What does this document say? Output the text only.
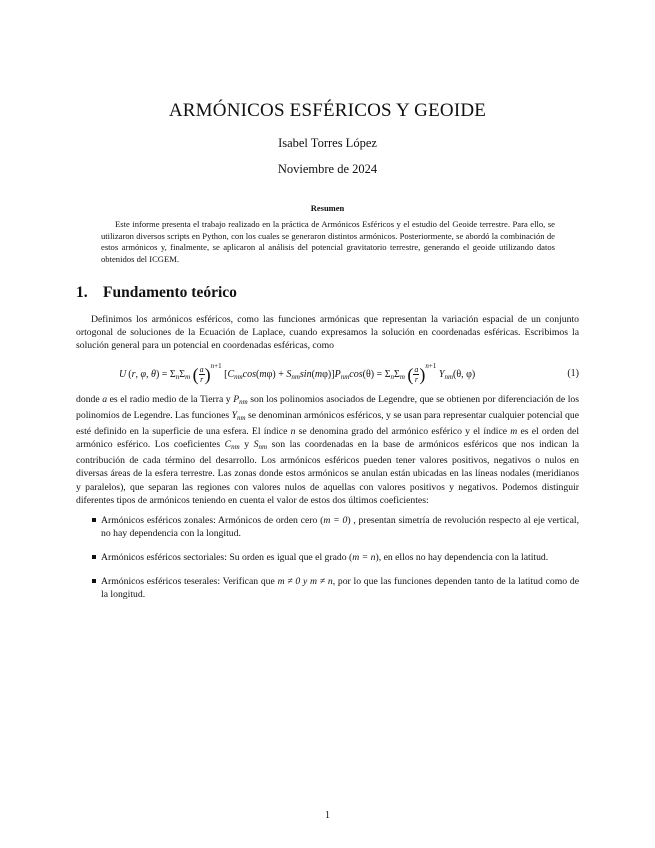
ARMÓNICOS ESFÉRICOS Y GEOIDE
Isabel Torres López
Noviembre de 2024
Resumen
Este informe presenta el trabajo realizado en la práctica de Armónicos Esféricos y el estudio del Geoide terrestre. Para ello, se utilizaron diversos scripts en Python, con los cuales se generaron distintos armónicos. Posteriormente, se abordó la combinación de estos armónicos y, finalmente, se aplicaron al análisis del potencial gravitatorio terrestre, generando el geoide utilizando datos obtenidos del ICGEM.
1. Fundamento teórico
Definimos los armónicos esféricos, como las funciones armónicas que representan la variación espacial de un conjunto ortogonal de soluciones de la Ecuación de Laplace, cuando expresamos la solución en coordenadas esféricas. Escribimos la solución general para un potencial en coordenadas esféricas, como
U (r, φ, $\theta) = \Sigma_n\Sigma_m$ ( $\frac{a}{r} )^{n+1}$ $[C_{nm}\cos(m\varphi) + S_{nm}\sin(m\varphi)]P_{nm}\cos(\theta) = \Sigma_n\Sigma_m$ ( $\frac{a}{r} )^{n+1}$ $Y_{nm}(\theta$, φ)	(1)
donde a es el radio medio de la Tierra y $P_{nm}$ son los polinomios asociados de Legendre, que se obtienen por diferenciación de los polinomios de Legendre. Las funciones $Y_{nm}$ se denominan armónicos esféricos, y se usan para representar cualquier potencial que esté definido en la superficie de una esfera. El índice n se denomina grado del armónico esférico y el índice m es el orden del armónico esférico. Los coeficientes $C_{nm}$ y $S_{nm}$ son las coordenadas en la base de armónicos esféricos que nos indican la contribución de cada término del desarrollo. Los armónicos esféricos pueden tener valores positivos, negativos o nulos en diversas áreas de la esfera terrestre. Las zonas donde estos armónicos se anulan están ubicadas en las líneas nodales (meridianos y paralelos), que separan las regiones con valores nulos de aquellas con valores positivos y negativos. Podemos distinguir diferentes tipos de armónicos teniendo en cuenta el valor de estos dos últimos coeficientes:
Armónicos esféricos zonales: Armónicos de orden cero (m = 0) , presentan simetría de revolución respecto al eje vertical, no hay dependencia con la longitud.
Armónicos esféricos sectoriales: Su orden es igual que el grado (m = n), en ellos no hay dependencia con la latitud.
Armónicos esféricos teserales: Verifican que m ≠ 0 y m ≠ n, por lo que las funciones dependen tanto de la latitud como de la longitud.
1
